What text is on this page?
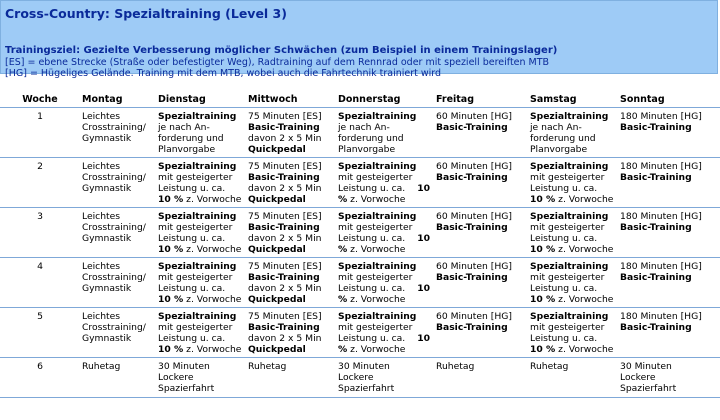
Cross-Country: Spezialtraining (Level 3)
Trainingsziel: Gezielte Verbesserung möglicher Schwächen (zum Beispiel in einem Trainingslager)
[ES] = ebene Strecke (Straße oder befestigter Weg), Radtraining auf dem Rennrad oder mit speziell bereiften MTB
[HG] = Hügeliges Gelände. Training mit dem MTB, wobei auch die Fahrtechnik trainiert wird
Woche	Montag	Dienstag	Mittwoch	Donnerstag	Freitag	Samstag	Sonntag
1	Leichtes
Crosstraining/
Gymnastik	Spezialtraining
je nach An-
forderung und
Planvorgabe	75 Minuten [ES]
Basic-Training
davon 2 x 5 Min
Quickpedal	Spezialtraining
je nach An-
forderung und
Planvorgabe	60 Minuten [HG]
Basic-Training	Spezialtraining
je nach An-
forderung und
Planvorgabe	180 Minuten [HG]
Basic-Training

2	Leichtes
Crosstraining/
Gymnastik	Spezialtraining
mit gesteigerter
Leistung u. ca.
10 % z. Vorwoche	75 Minuten [ES]
Basic-Training
davon 2 x 5 Min
Quickpedal	Spezialtraining
mit gesteigerter
Leistung u. ca. 10
% z. Vorwoche	60 Minuten [HG]
Basic-Training	Spezialtraining
mit gesteigerter
Leistung u. ca.
10 % z. Vorwoche	180 Minuten [HG]
Basic-Training

3	Leichtes
Crosstraining/
Gymnastik	Spezialtraining
mit gesteigerter
Leistung u. ca.
10 % z. Vorwoche	75 Minuten [ES]
Basic-Training
davon 2 x 5 Min
Quickpedal	Spezialtraining
mit gesteigerter
Leistung u. ca. 10
% z. Vorwoche	60 Minuten [HG]
Basic-Training	Spezialtraining
mit gesteigerter
Leistung u. ca.
10 % z. Vorwoche	180 Minuten [HG]
Basic-Training

4	Leichtes
Crosstraining/
Gymnastik	Spezialtraining
mit gesteigerter
Leistung u. ca.
10 % z. Vorwoche	75 Minuten [ES]
Basic-Training
davon 2 x 5 Min
Quickpedal	Spezialtraining
mit gesteigerter
Leistung u. ca. 10
% z. Vorwoche	60 Minuten [HG]
Basic-Training	Spezialtraining
mit gesteigerter
Leistung u. ca.
10 % z. Vorwoche	180 Minuten [HG]
Basic-Training

5	Leichtes
Crosstraining/
Gymnastik	Spezialtraining
mit gesteigerter
Leistung u. ca.
10 % z. Vorwoche	75 Minuten [ES]
Basic-Training
davon 2 x 5 Min
Quickpedal	Spezialtraining
mit gesteigerter
Leistung u. ca. 10
% z. Vorwoche	60 Minuten [HG]
Basic-Training	Spezialtraining
mit gesteigerter
Leistung u. ca.
10 % z. Vorwoche	180 Minuten [HG]
Basic-Training

6	Ruhetag	30 Minuten
Lockere
Spazierfahrt	Ruhetag	30 Minuten
Lockere
Spazierfahrt	Ruhetag	Ruhetag	30 Minuten
Lockere
Spazierfahrt
